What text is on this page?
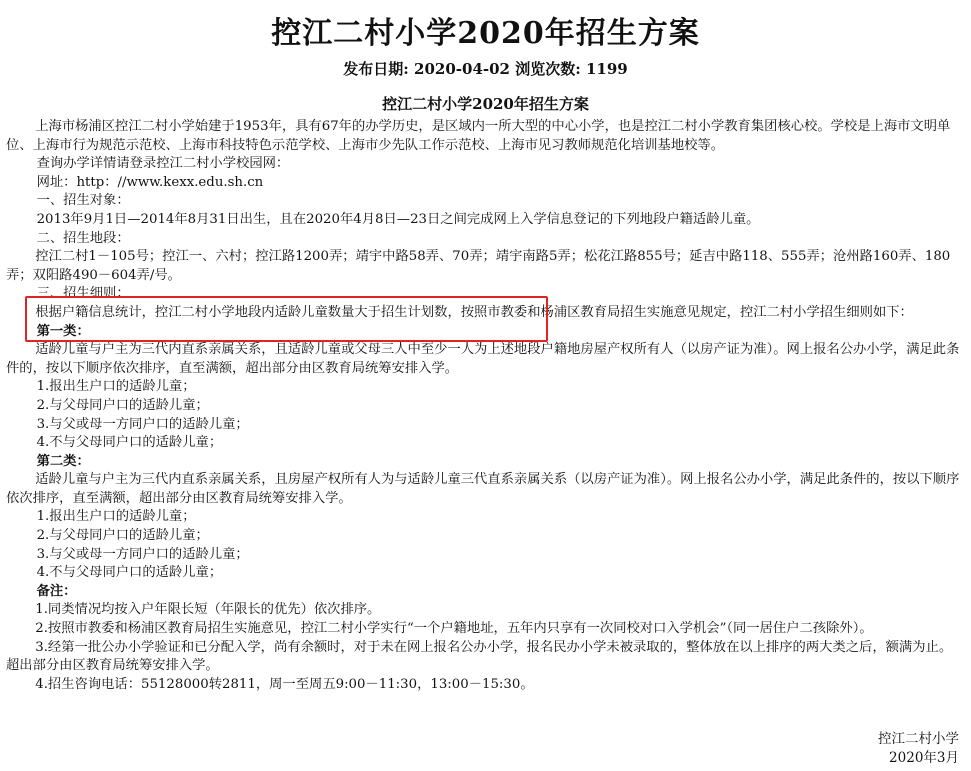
控江二村小学2020年招生方案
发布日期: 2020-04-02 浏览次数: 1199
控江二村小学2020年招生方案

上海市杨浦区控江二村小学始建于1953年，具有67年的办学历史，是区域内一所大型的中心小学，也是控江二村小学教育集团核心校。学校是上海市文明单位、上海市行为规范示范校、上海市科技特色示范学校、上海市少先队工作示范校、上海市见习教师规范化培训基地校等。

查询办学详情请登录控江二村小学校园网：

网址：http：//www.kexx.edu.sh.cn

一、招生对象：

2013年9月1日—2014年8月31日出生，且在2020年4月8日—23日之间完成网上入学信息登记的下列地段户籍适龄儿童。

二、招生地段：

控江二村1－105号；控江一、六村；控江路1200弄；靖宇中路58弄、70弄；靖宇南路5弄；松花江路855号；延吉中路118、555弄；沧州路160弄、180弄；双阳路490－604弄/号。

三、招生细则：

根据户籍信息统计，控江二村小学地段内适龄儿童数量大于招生计划数，按照市教委和杨浦区教育局招生实施意见规定，控江二村小学招生细则如下：

第一类：

适龄儿童与户主为三代内直系亲属关系，且适龄儿童或父母三人中至少一人为上述地段户籍地房屋产权所有人（以房产证为准）。网上报名公办小学，满足此条件的，按以下顺序依次排序，直至满额，超出部分由区教育局统筹安排入学。

1.报出生户口的适龄儿童；

2.与父母同户口的适龄儿童；

3.与父或母一方同户口的适龄儿童；

4.不与父母同户口的适龄儿童；

第二类：

适龄儿童与户主为三代内直系亲属关系，且房屋产权所有人为与适龄儿童三代直系亲属关系（以房产证为准）。网上报名公办小学，满足此条件的，按以下顺序依次排序，直至满额，超出部分由区教育局统筹安排入学。

1.报出生户口的适龄儿童；

2.与父母同户口的适龄儿童；

3.与父或母一方同户口的适龄儿童；

4.不与父母同户口的适龄儿童；

备注：

1.同类情况均按入户年限长短（年限长的优先）依次排序。

2.按照市教委和杨浦区教育局招生实施意见，控江二村小学实行“一个户籍地址，五年内只享有一次同校对口入学机会”（同一居住户二孩除外）。

3.经第一批公办小学验证和已分配入学，尚有余额时，对于未在网上报名公办小学，报名民办小学未被录取的，整体放在以上排序的两大类之后，额满为止。超出部分由区教育局统筹安排入学。

4.招生咨询电话：55128000转2811，周一至周五9:00－11:30，13:00－15:30。

控江二村小学
2020年3月
